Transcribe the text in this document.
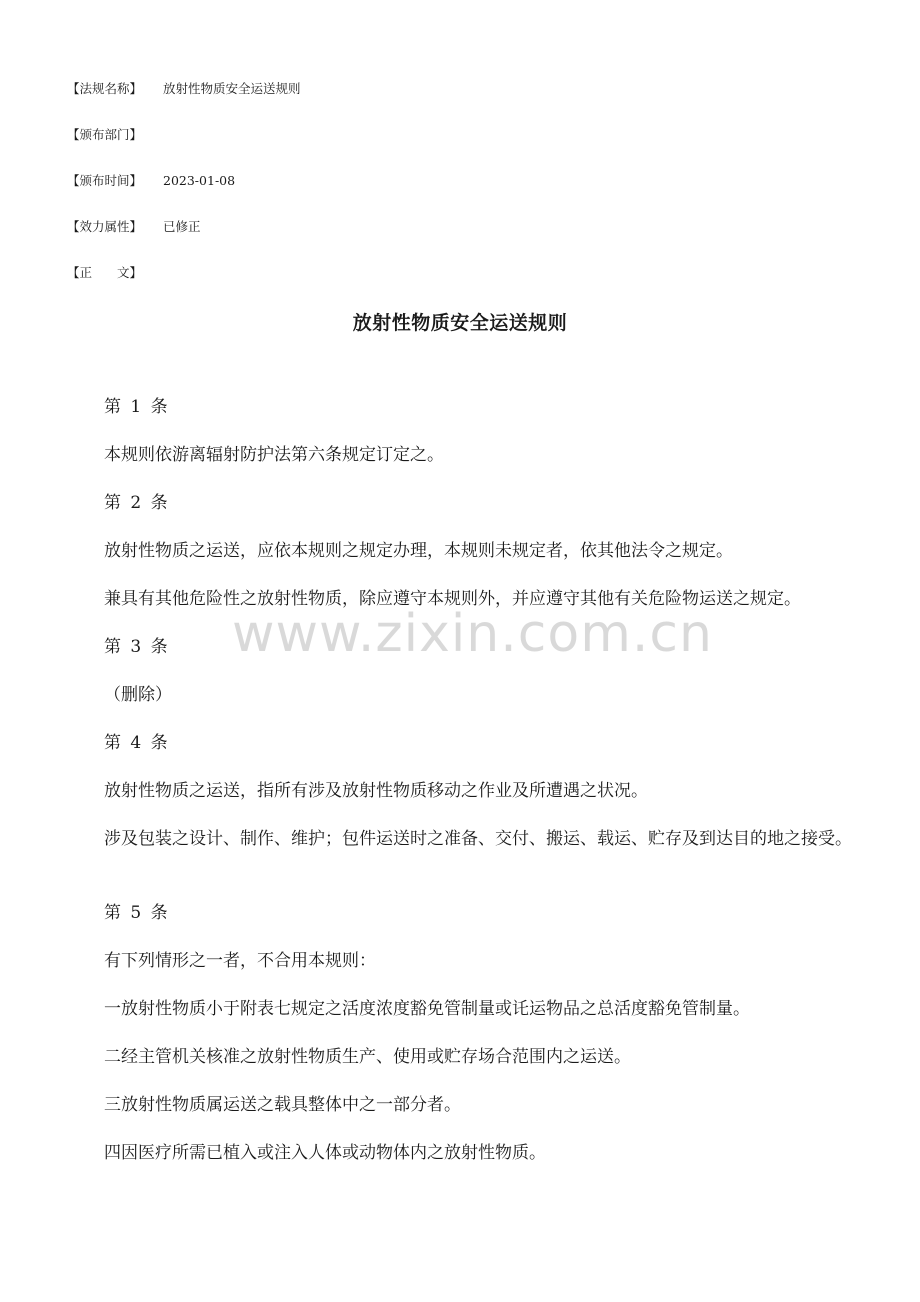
【法规名称】 放射性物质安全运送规则
【颁布部门】
【颁布时间】 2023-01-08
【效力属性】 已修正
【正　　文】
放射性物质安全运送规则
第 1 条
本规则依游离辐射防护法第六条规定订定之。
第 2 条
放射性物质之运送，应依本规则之规定办理，本规则未规定者，依其他法令之规定。
兼具有其他危险性之放射性物质，除应遵守本规则外，并应遵守其他有关危险物运送之规定。
第 3 条
（删除）
第 4 条
放射性物质之运送，指所有涉及放射性物质移动之作业及所遭遇之状况。
涉及包装之设计、制作、维护；包件运送时之准备、交付、搬运、载运、贮存及到达目的地之接受。
第 5 条
有下列情形之一者，不合用本规则：
一放射性物质小于附表七规定之活度浓度豁免管制量或讬运物品之总活度豁免管制量。
二经主管机关核准之放射性物质生产、使用或贮存场合范围内之运送。
三放射性物质属运送之载具整体中之一部分者。
四因医疗所需已植入或注入人体或动物体内之放射性物质。
www.zixin.com.cn
